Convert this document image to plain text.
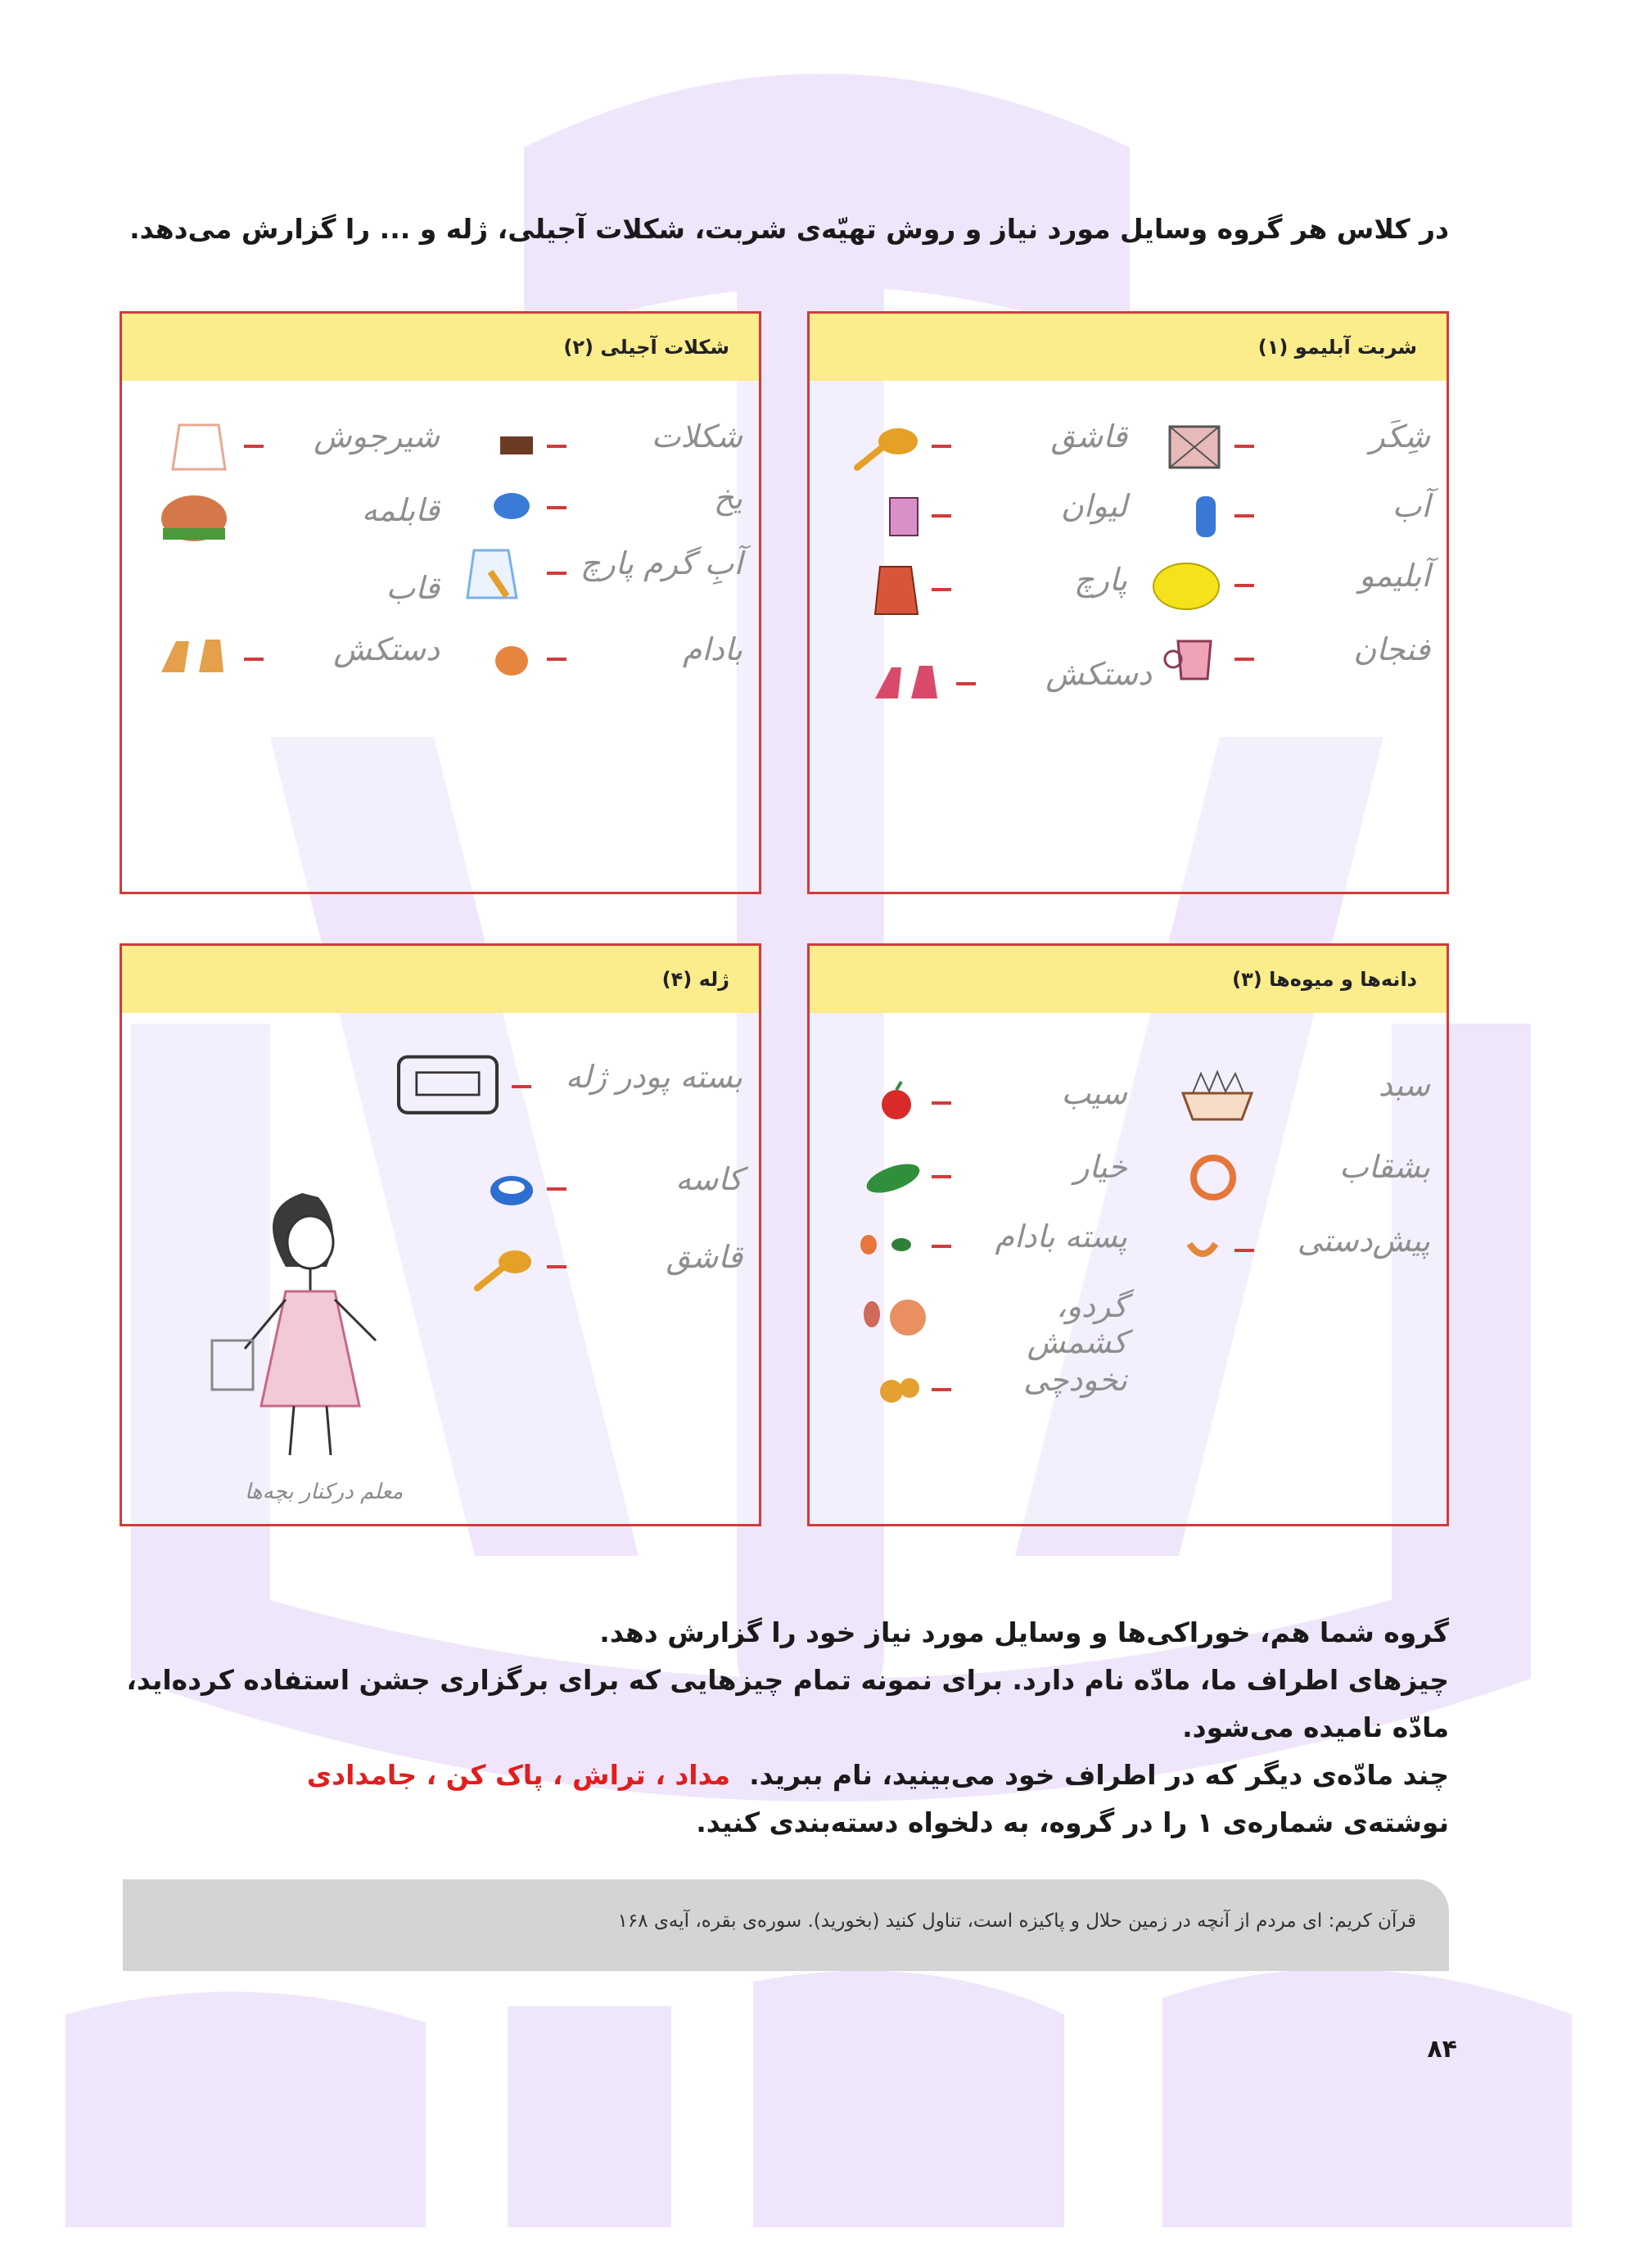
در کلاس هر گروه وسایل مورد نیاز و روش تهیّه‌ی شربت، شکلات آجیلی، ژله و ... را گزارش می‌دهد.
شربت آبلیمو (۱)
شِکَر
آب
آبلیمو
فنجان
قاشق
لیوان
پارچ
دستکش
شکلات آجیلی (۲)
شکلات
یخ
آبِ گرم پارچ
بادام
شیرجوش
قابلمه
قاب
دستکش
دانه‌ها و میوه‌ها (۳)
سبد
بشقاب
پیش‌دستی
سیب
خیار
پسته بادام
گردو، کشمش
نخودچی
ژله (۴)
بسته پودر ژله
کاسه
قاشق
معلم درکنار بچه‌ها

گروه شما هم، خوراکی‌ها و وسایل مورد نیاز خود را گزارش دهد.

چیزهای اطراف ما، مادّه نام دارد. برای نمونه تمام چیزهایی که برای برگزاری جشن استفاده کرده‌اید، مادّه نامیده می‌شود.

چند مادّه‌ی دیگر که در اطراف خود می‌بینید، نام ببرید.  مداد ، تراش ، پاک کن ، جامدادی

نوشته‌ی شماره‌ی ۱ را در گروه، به دلخواه دسته‌بندی کنید.

قرآن کریم: ای مردم از آنچه در زمین حلال و پاکیزه است، تناول کنید (بخورید). سوره‌ی بقره، آیه‌ی ۱۶۸
۸۴
